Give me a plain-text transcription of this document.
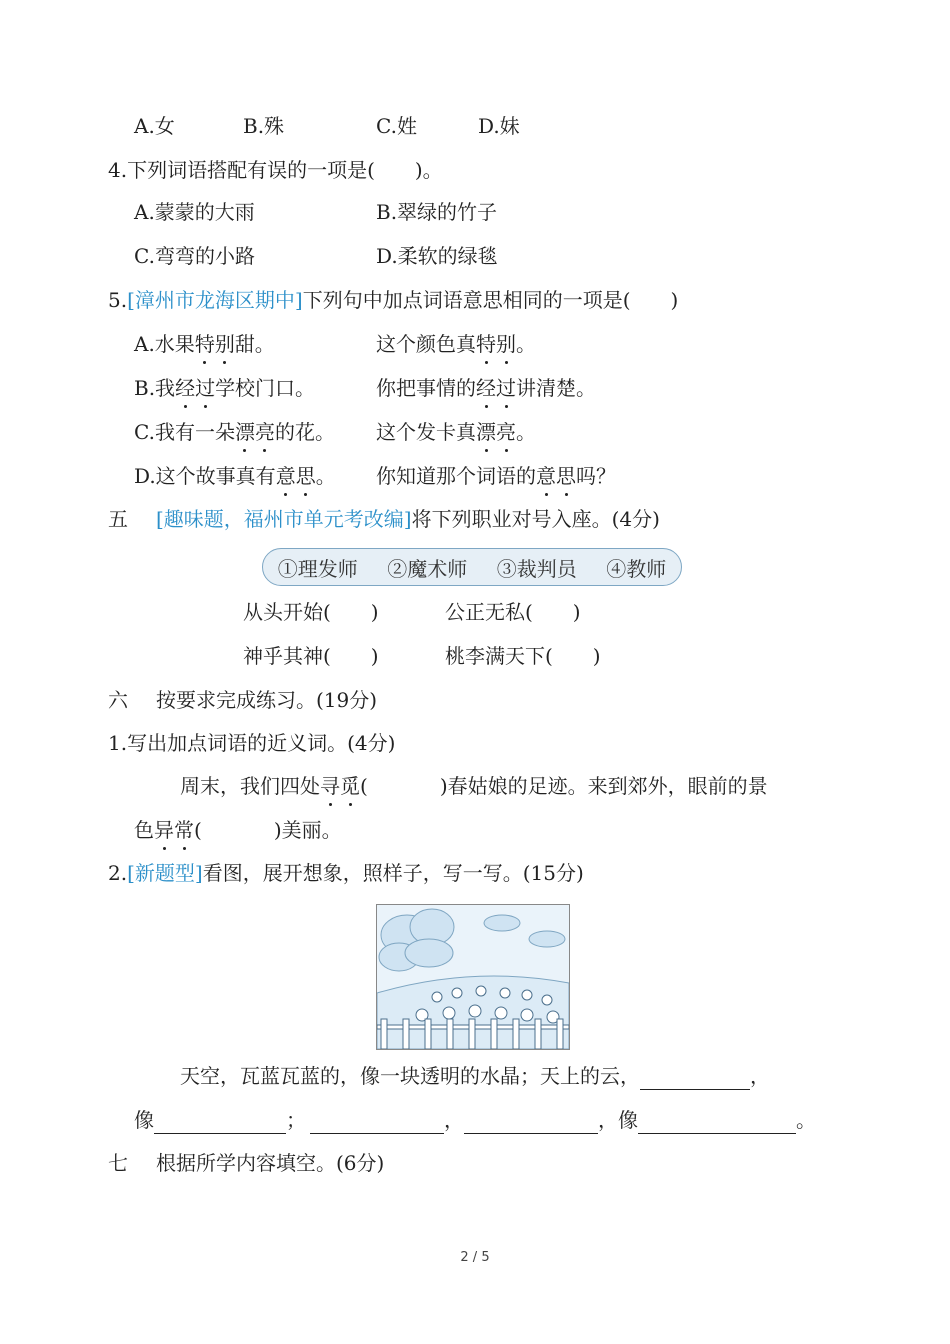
A.女	B.殊	C.姓	D.妹
4.下列词语搭配有误的一项是(　　)。
A.蒙蒙的大雨	B.翠绿的竹子
C.弯弯的小路	D.柔软的绿毯
5.[漳州市龙海区期中]下列句中加点词语意思相同的一项是(　　)
A.水果特别甜。	这个颜色真特别。
B.我经过学校门口。	你把事情的经过讲清楚。
C.我有一朵漂亮的花。 这个发卡真漂亮。
D.这个故事真有意思。 你知道那个词语的意思吗？
五 [趣味题，福州市单元考改编]将下列职业对号入座。(4分)
①理发师 ②魔术师 ③裁判员 ④教师
从头开始(　　)	公正无私(　　)
神乎其神(　　)	桃李满天下(　　)
六 按要求完成练习。(19分)
1.写出加点词语的近义词。(4分)
周末，我们四处寻觅(	)春姑娘的足迹。来到郊外，眼前的景
色异常(	)美丽。
2.[新题型]看图，展开想象，照样子，写一写。(15分)
天空，瓦蓝瓦蓝的，像一块透明的水晶；天上的云，	，
像	；	，	，像	。
七 根据所学内容填空。(6分)
2 / 5
